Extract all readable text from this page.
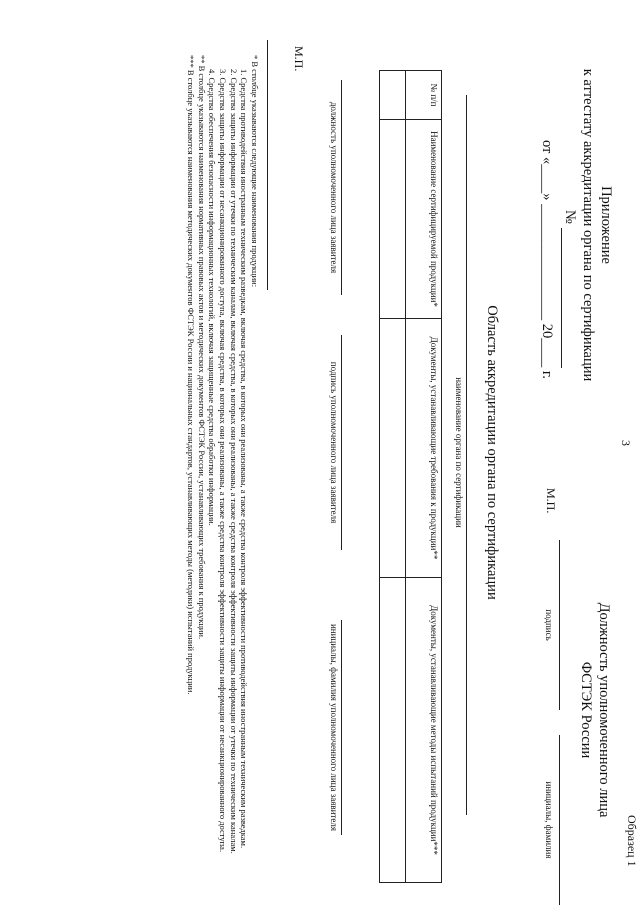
3
Образец 1
Приложение
к аттестату аккредитации органа по сертификации
№
от «____» ________________ 20____ г.
Должность уполномоченного лица
ФСТЭК России
М.П.
подпись
инициалы, фамилия
Область аккредитации органа по сертификации
наименование органа по сертификации
№ п/п	Наименование сертифицируемой продукции*	Документы, устанавливающие требования к продукции**	Документы, устанавливающие методы испытаний продукции***

должность уполномоченного лица заявителя
подпись уполномоченного лица заявителя
инициалы, фамилия уполномоченного лица заявителя
М.П.
* В столбце указываются следующие наименования продукции:
1. Средства противодействия иностранным техническим разведкам, включая средства, в которых они реализованы, а также средства контроля эффективности противодействия иностранным техническим разведкам.
2. Средства защиты информации от утечки по техническим каналам, включая средства, в которых они реализованы, а также средства контроля эффективности защиты информации от утечки по техническим каналам.
3. Средства защиты информации от несанкционированного доступа, включая средства, в которых они реализованы, а также средства контроля эффективности защиты информации от несанкционированного доступа.
4. Средства обеспечения безопасности информационных технологий, включая защищенные средства обработки информации.
** В столбце указываются наименования нормативных правовых актов и методических документов ФСТЭК России, устанавливающих требования к продукции.
*** В столбце указываются наименования методических документов ФСТЭК России и национальных стандартов, устанавливающих методы (методики) испытаний продукции.
